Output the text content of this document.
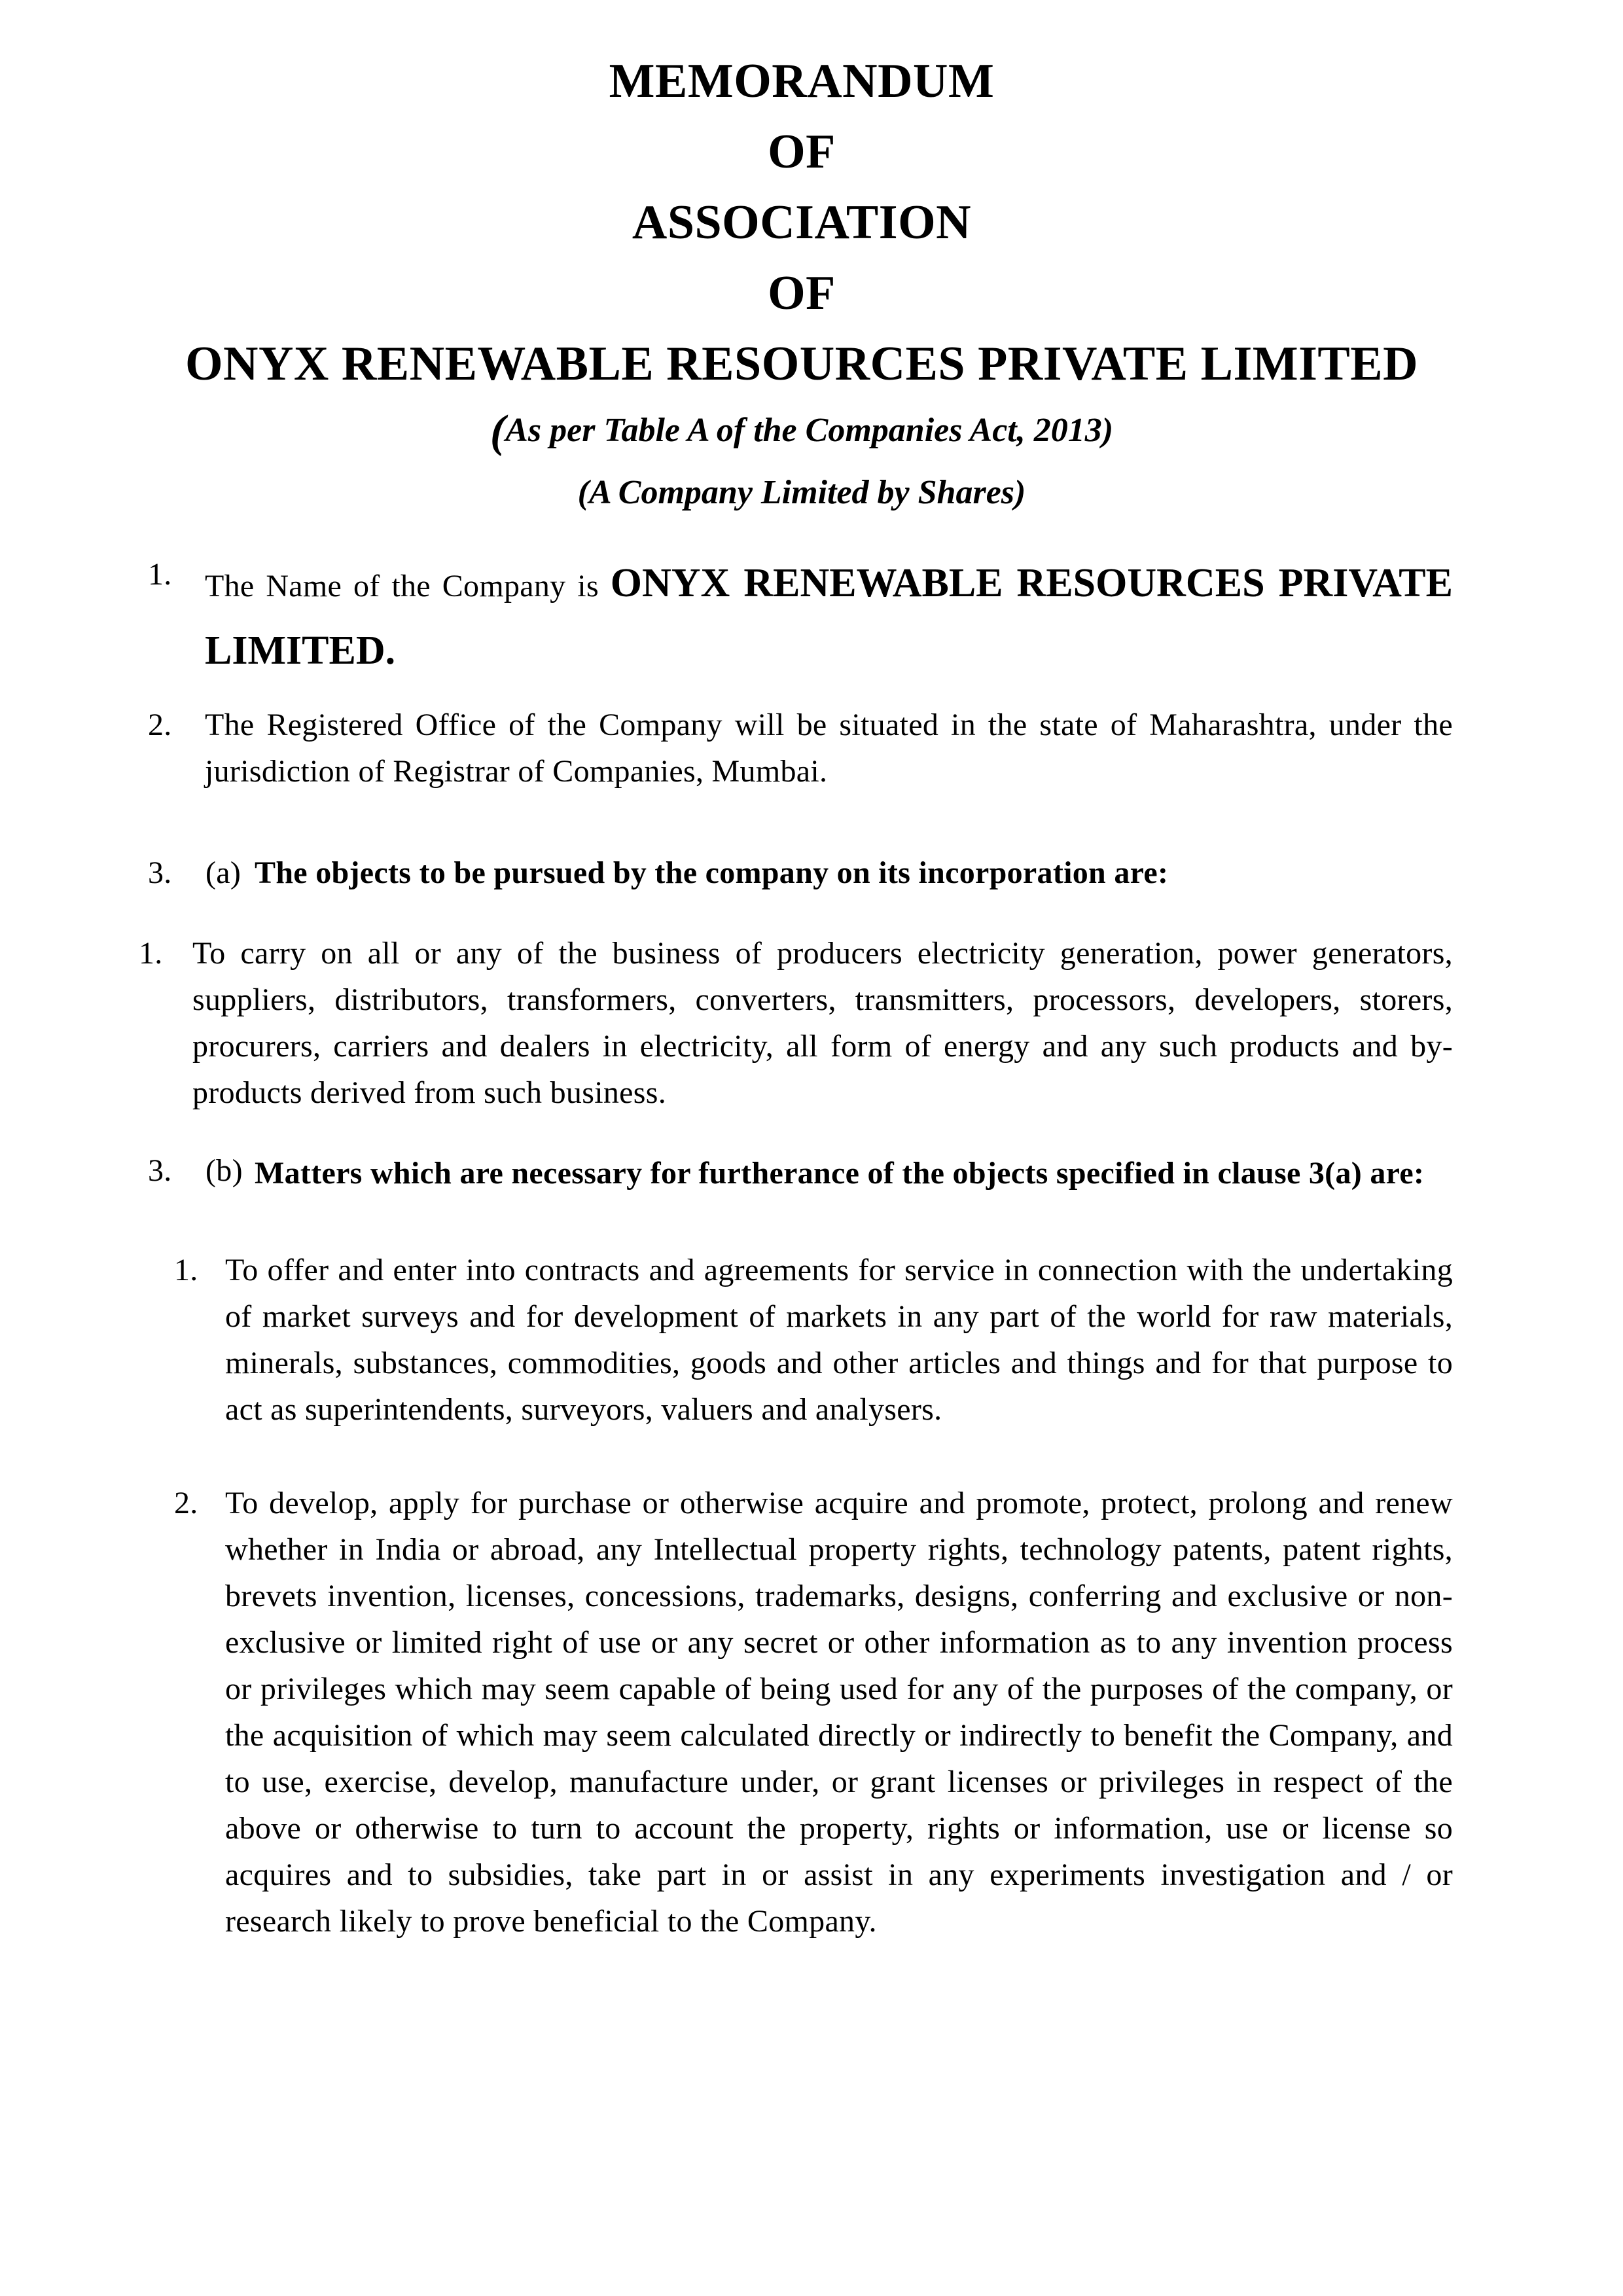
MEMORANDUM
OF
ASSOCIATION
OF
ONYX RENEWABLE RESOURCES PRIVATE LIMITED
(As per Table A of the Companies Act, 2013)
(A Company Limited by Shares)
1.	The Name of the Company is ONYX RENEWABLE RESOURCES PRIVATE LIMITED.
2.	The Registered Office of the Company will be situated in the state of Maharashtra, under the jurisdiction of Registrar of Companies, Mumbai.
3.	(a) The objects to be pursued by the company on its incorporation are:
1. To carry on all or any of the business of producers electricity generation, power generators, suppliers, distributors, transformers, converters, transmitters, processors, developers, storers, procurers, carriers and dealers in electricity, all form of energy and any such products and by-products derived from such business.
3.	(b) Matters which are necessary for furtherance of the objects specified in clause 3(a) are:
1. To offer and enter into contracts and agreements for service in connection with the undertaking of market surveys and for development of markets in any part of the world for raw materials, minerals, substances, commodities, goods and other articles and things and for that purpose to act as superintendents, surveyors, valuers and analysers.
2. To develop, apply for purchase or otherwise acquire and promote, protect, prolong and renew whether in India or abroad, any Intellectual property rights, technology patents, patent rights, brevets invention, licenses, concessions, trademarks, designs, conferring and exclusive or non-exclusive or limited right of use or any secret or other information as to any invention process or privileges which may seem capable of being used for any of the purposes of the company, or the acquisition of which may seem calculated directly or indirectly to benefit the Company, and to use, exercise, develop, manufacture under, or grant licenses or privileges in respect of the above or otherwise to turn to account the property, rights or information, use or license so acquires and to subsidies, take part in or assist in any experiments investigation and / or research likely to prove beneficial to the Company.
